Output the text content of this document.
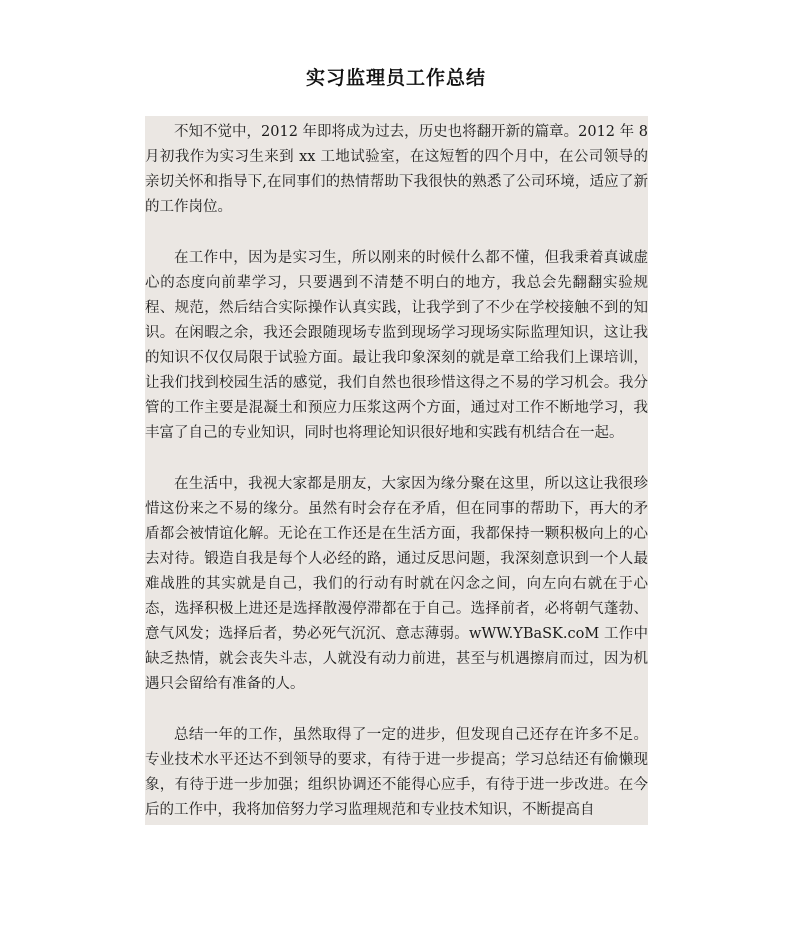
实习监理员工作总结

不知不觉中，2012 年即将成为过去，历史也将翻开新的篇章。2012 年 8 月初我作为实习生来到 xx 工地试验室，在这短暂的四个月中，在公司领导的亲切关怀和指导下,在同事们的热情帮助下我很快的熟悉了公司环境，适应了新的工作岗位。

在工作中，因为是实习生，所以刚来的时候什么都不懂，但我秉着真诚虚心的态度向前辈学习，只要遇到不清楚不明白的地方，我总会先翻翻实验规程、规范，然后结合实际操作认真实践，让我学到了不少在学校接触不到的知识。在闲暇之余，我还会跟随现场专监到现场学习现场实际监理知识，这让我的知识不仅仅局限于试验方面。最让我印象深刻的就是章工给我们上课培训，让我们找到校园生活的感觉，我们自然也很珍惜这得之不易的学习机会。我分管的工作主要是混凝土和预应力压浆这两个方面，通过对工作不断地学习，我丰富了自己的专业知识，同时也将理论知识很好地和实践有机结合在一起。

在生活中，我视大家都是朋友，大家因为缘分聚在这里，所以这让我很珍惜这份来之不易的缘分。虽然有时会存在矛盾，但在同事的帮助下，再大的矛盾都会被情谊化解。无论在工作还是在生活方面，我都保持一颗积极向上的心去对待。锻造自我是每个人必经的路，通过反思问题，我深刻意识到一个人最难战胜的其实就是自己，我们的行动有时就在闪念之间，向左向右就在于心态，选择积极上进还是选择散漫停滞都在于自己。选择前者，必将朝气蓬勃、意气风发；选择后者，势必死气沉沉、意志薄弱。wWW.YBaSK.coM 工作中缺乏热情，就会丧失斗志，人就没有动力前进，甚至与机遇擦肩而过，因为机遇只会留给有准备的人。

总结一年的工作，虽然取得了一定的进步，但发现自己还存在许多不足。专业技术水平还达不到领导的要求，有待于进一步提高；学习总结还有偷懒现象，有待于进一步加强；组织协调还不能得心应手，有待于进一步改进。在今后的工作中，我将加倍努力学习监理规范和专业技术知识，不断提高自
